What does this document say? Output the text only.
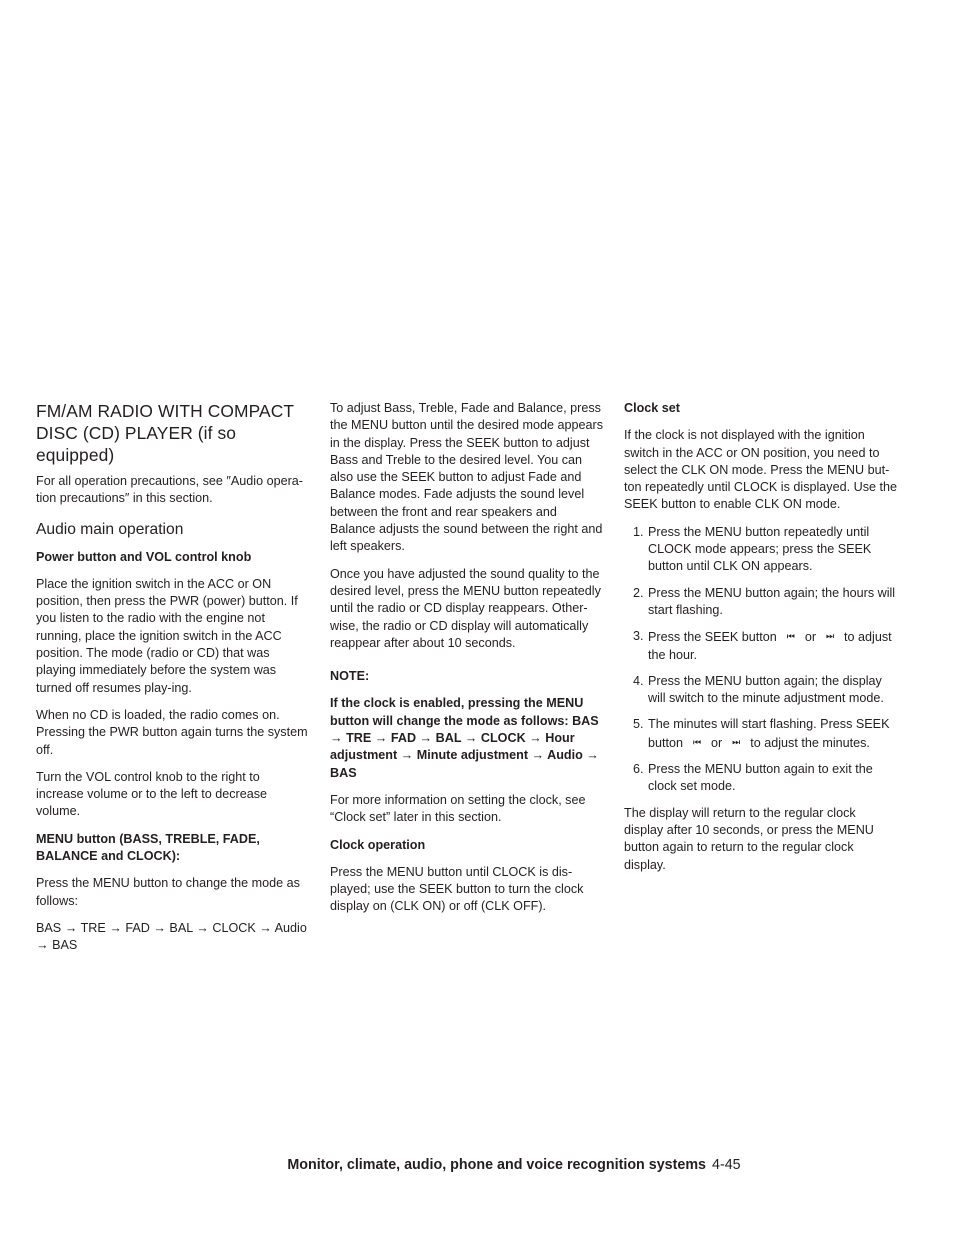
FM/AM RADIO WITH COMPACT
DISC (CD) PLAYER (if so equipped)

For all operation precautions, see ″Audio opera-tion precautions″ in this section.

Audio main operation

Power button and VOL control knob

Place the ignition switch in the ACC or ON position, then press the PWR (power) button. If you listen to the radio with the engine not running, place the ignition switch in the ACC position. The mode (radio or CD) that was playing immediately before the system was turned off resumes play-ing.

When no CD is loaded, the radio comes on. Pressing the PWR button again turns the system off.

Turn the VOL control knob to the right to increase volume or to the left to decrease volume.

MENU button (BASS, TREBLE, FADE, BALANCE and CLOCK):

Press the MENU button to change the mode as follows:

BAS → TRE → FAD → BAL → CLOCK → Audio → BAS

To adjust Bass, Treble, Fade and Balance, press the MENU button until the desired mode appears in the display. Press the SEEK button to adjust Bass and Treble to the desired level. You can also use the SEEK button to adjust Fade and Balance modes. Fade adjusts the sound level between the front and rear speakers and Balance adjusts the sound between the right and left speakers.

Once you have adjusted the sound quality to the desired level, press the MENU button repeatedly until the radio or CD display reappears. Other-wise, the radio or CD display will automatically reappear after about 10 seconds.

NOTE:

If the clock is enabled, pressing the MENU button will change the mode as follows: BAS → TRE → FAD → BAL → CLOCK → Hour adjustment → Minute adjustment → Audio → BAS

For more information on setting the clock, see “Clock set” later in this section.

Clock operation

Press the MENU button until CLOCK is dis-played; use the SEEK button to turn the clock display on (CLK ON) or off (CLK OFF).

Clock set

If the clock is not displayed with the ignition switch in the ACC or ON position, you need to select the CLK ON mode. Press the MENU but-ton repeatedly until CLOCK is displayed. Use the SEEK button to enable CLK ON mode.

1. Press the MENU button repeatedly until CLOCK mode appears; press the SEEK button until CLK ON appears.
2. Press the MENU button again; the hours will start flashing.
3. Press the SEEK button ⏮ or ⏭ to adjust the hour.
4. Press the MENU button again; the display will switch to the minute adjustment mode.
5. The minutes will start flashing. Press SEEK button ⏮ or ⏭ to adjust the minutes.
6. Press the MENU button again to exit the clock set mode.

The display will return to the regular clock display after 10 seconds, or press the MENU button again to return to the regular clock display.

Monitor, climate, audio, phone and voice recognition systems 4-45
